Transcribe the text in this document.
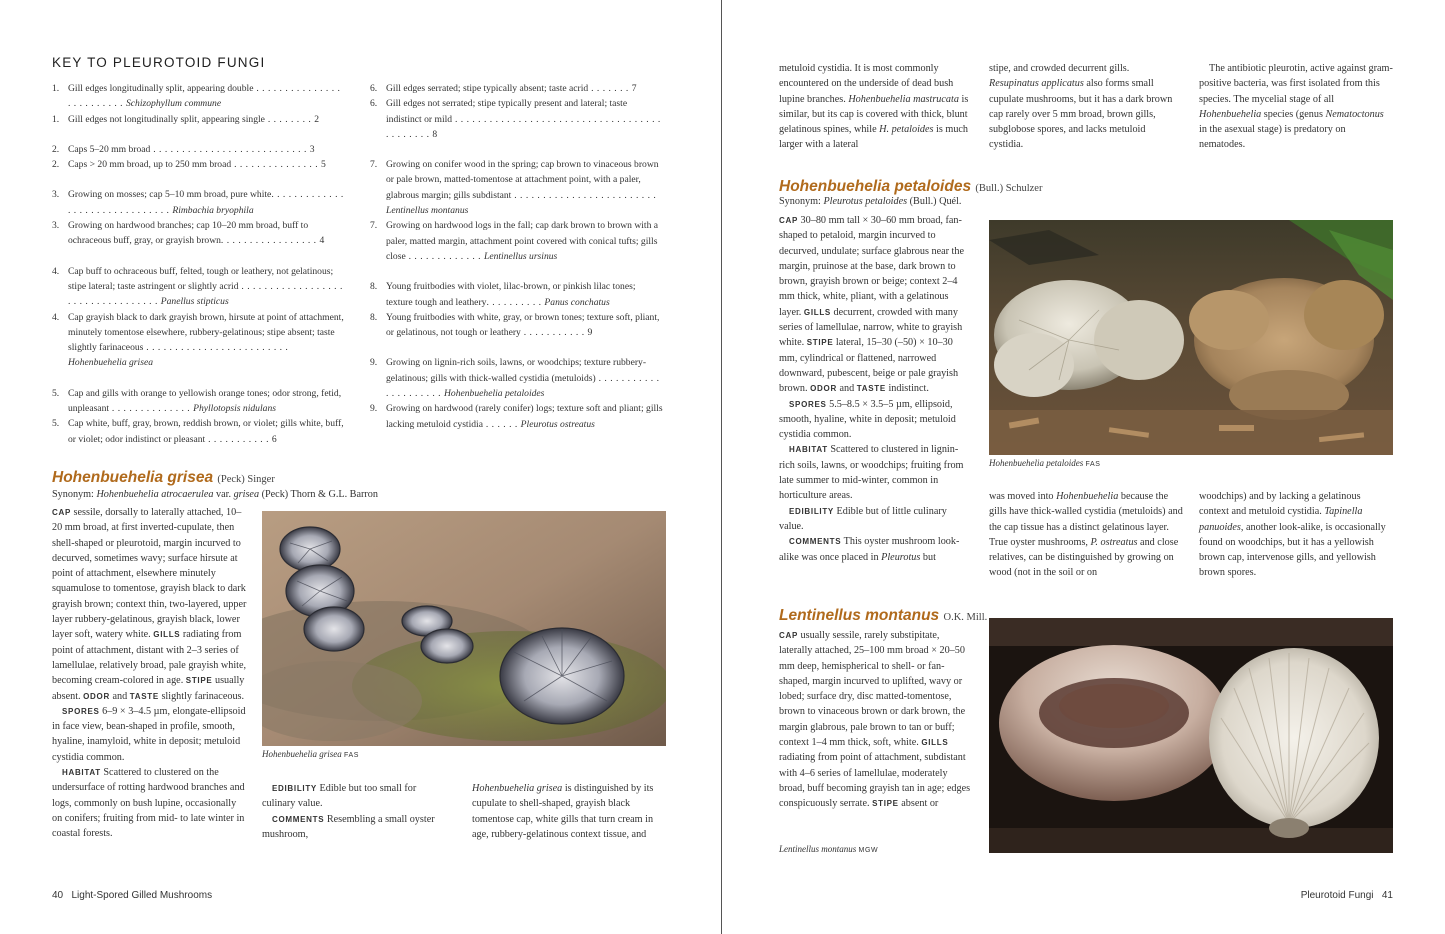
KEY TO PLEUROTOID FUNGI
1. Gill edges longitudinally split, appearing double . . . . . . . . . . . . . . . . . . . . . . . . . Schizophyllum commune
1. Gill edges not longitudinally split, appearing single . . . . . . . . 2
2. Caps 5–20 mm broad . . . . . . . . . . . . . . . . . . . . . . . . . . . 3
2. Caps > 20 mm broad, up to 250 mm broad . . . . . . . . . . . . . . . 5
3. Growing on mosses; cap 5–10 mm broad, pure white. . . . . . . . . . . . . . . . . . . . . . . . . . . . . . . Rimbachia bryophila
3. Growing on hardwood branches; cap 10–20 mm broad, buff to ochraceous buff, gray, or grayish brown. . . . . . . . . . . . . . . . . 4
4. Cap buff to ochraceous buff, felted, tough or leathery, not gelatinous; stipe lateral; taste astringent or slightly acrid . . . . . . . . . . . . . . . . . . . . . . . . . . . . . . . . . . Panellus stipticus
4. Cap grayish black to dark grayish brown, hirsute at point of attachment, minutely tomentose elsewhere, rubbery-gelatinous; stipe absent; taste slightly farinaceous . . . . . . . . . . . . . . . . . . . . . . . . . Hohenbuehelia grisea
5. Cap and gills with orange to yellowish orange tones; odor strong, fetid, unpleasant . . . . . . . . . . . . . . Phyllotopsis nidulans
5. Cap white, buff, gray, brown, reddish brown, or violet; gills white, buff, or violet; odor indistinct or pleasant . . . . . . . . . . . 6
6. Gill edges serrated; stipe typically absent; taste acrid . . . . . . . 7
6. Gill edges not serrated; stipe typically present and lateral; taste indistinct or mild . . . . . . . . . . . . . . . . . . . . . . . . . . . . . . . . . . . . . . . . . . . . 8
7. Growing on conifer wood in the spring; cap brown to vinaceous brown or pale brown, matted-tomentose at attachment point, with a paler, glabrous margin; gills subdistant . . . . . . . . . . . . . . . . . . . . . . . . . Lentinellus montanus
7. Growing on hardwood logs in the fall; cap dark brown to brown with a paler, matted margin, attachment point covered with conical tufts; gills close . . . . . . . . . . . . . Lentinellus ursinus
8. Young fruitbodies with violet, lilac-brown, or pinkish lilac tones; texture tough and leathery. . . . . . . . . . Panus conchatus
8. Young fruitbodies with white, gray, or brown tones; texture soft, pliant, or gelatinous, not tough or leathery . . . . . . . . . . . 9
9. Growing on lignin-rich soils, lawns, or woodchips; texture rubbery-gelatinous; gills with thick-walled cystidia (metuloids) . . . . . . . . . . . . . . . . . . . . . Hohenbuehelia petaloides
9. Growing on hardwood (rarely conifer) logs; texture soft and pliant; gills lacking metuloid cystidia . . . . . . Pleurotus ostreatus
Hohenbuehelia grisea (Peck) Singer
Synonym: Hohenbuehelia atrocaerulea var. grisea (Peck) Thorn & G.L. Barron

CAP sessile, dorsally to laterally attached, 10–20 mm broad, at first inverted-cupulate, then shell-shaped or pleurotoid, margin incurved to decurved, sometimes wavy; surface hirsute at point of attachment, elsewhere minutely squamulose to tomentose, grayish black to dark grayish brown; context thin, two-layered, upper layer rubbery-gelatinous, grayish black, lower layer soft, watery white. GILLS radiating from point of attachment, distant with 2–3 series of lamellulae, relatively broad, pale grayish white, becoming cream-colored in age. STIPE usually absent. ODOR and TASTE slightly farinaceous.

SPORES 6–9 × 3–4.5 µm, elongate-ellipsoid in face view, bean-shaped in profile, smooth, hyaline, inamyloid, white in deposit; metuloid cystidia common.

HABITAT Scattered to clustered on the undersurface of rotting hardwood branches and logs, commonly on bush lupine, occasionally on conifers; fruiting from mid- to late winter in coastal forests.

EDIBILITY Edible but too small for culinary value.

COMMENTS Resembling a small oyster mushroom,

Hohenbuehelia grisea is distinguished by its cupulate to shell-shaped, grayish black tomentose cap, white gills that turn cream in age, rubbery-gelatinous context tissue, and

Hohenbuehelia grisea FAS

metuloid cystidia. It is most commonly encountered on the underside of dead bush lupine branches. Hohenbuehelia mastrucata is similar, but its cap is covered with thick, blunt gelatinous spines, while H. petaloides is much larger with a lateral

stipe, and crowded decurrent gills. Resupinatus applicatus also forms small cupulate mushrooms, but it has a dark brown cap rarely over 5 mm broad, brown gills, subglobose spores, and lacks metuloid cystidia.

The antibiotic pleurotin, active against gram-positive bacteria, was first isolated from this species. The mycelial stage of all Hohenbuehelia species (genus Nematoctonus in the asexual stage) is predatory on nematodes.

Hohenbuehelia petaloides (Bull.) Schulzer
Synonym: Pleurotus petaloides (Bull.) Quél.

CAP 30–80 mm tall × 30–60 mm broad, fan-shaped to petaloid, margin incurved to decurved, undulate; surface glabrous near the margin, pruinose at the base, dark brown to brown, grayish brown or beige; context 2–4 mm thick, white, pliant, with a gelatinous layer. GILLS decurrent, crowded with many series of lamellulae, narrow, white to grayish white. STIPE lateral, 15–30 (–50) × 10–30 mm, cylindrical or flattened, narrowed downward, pubescent, beige or pale grayish brown. ODOR and TASTE indistinct.

SPORES 5.5–8.5 × 3.5–5 µm, ellipsoid, smooth, hyaline, white in deposit; metuloid cystidia common.

HABITAT Scattered to clustered in lignin-rich soils, lawns, or woodchips; fruiting from late summer to mid-winter, common in horticulture areas.

EDIBILITY Edible but of little culinary value.

COMMENTS This oyster mushroom look-alike was once placed in Pleurotus but

Hohenbuehelia petaloides FAS

was moved into Hohenbuehelia because the gills have thick-walled cystidia (metuloids) and the cap tissue has a distinct gelatinous layer. True oyster mushrooms, P. ostreatus and close relatives, can be distinguished by growing on wood (not in the soil or on

woodchips) and by lacking a gelatinous context and metuloid cystidia. Tapinella panuoides, another look-alike, is occasionally found on woodchips, but it has a yellowish brown cap, intervenose gills, and yellowish brown spores.

Lentinellus montanus O.K. Mill.

CAP usually sessile, rarely substipitate, laterally attached, 25–100 mm broad × 20–50 mm deep, hemispherical to shell- or fan-shaped, margin incurved to uplifted, wavy or lobed; surface dry, disc matted-tomentose, brown to vinaceous brown or dark brown, the margin glabrous, pale brown to tan or buff; context 1–4 mm thick, soft, white. GILLS radiating from point of attachment, subdistant with 4–6 series of lamellulae, moderately broad, buff becoming grayish tan in age; edges conspicuously serrate. STIPE absent or

Lentinellus montanus MGW
40 Light-Spored Gilled Mushrooms	Pleurotoid Fungi 41
